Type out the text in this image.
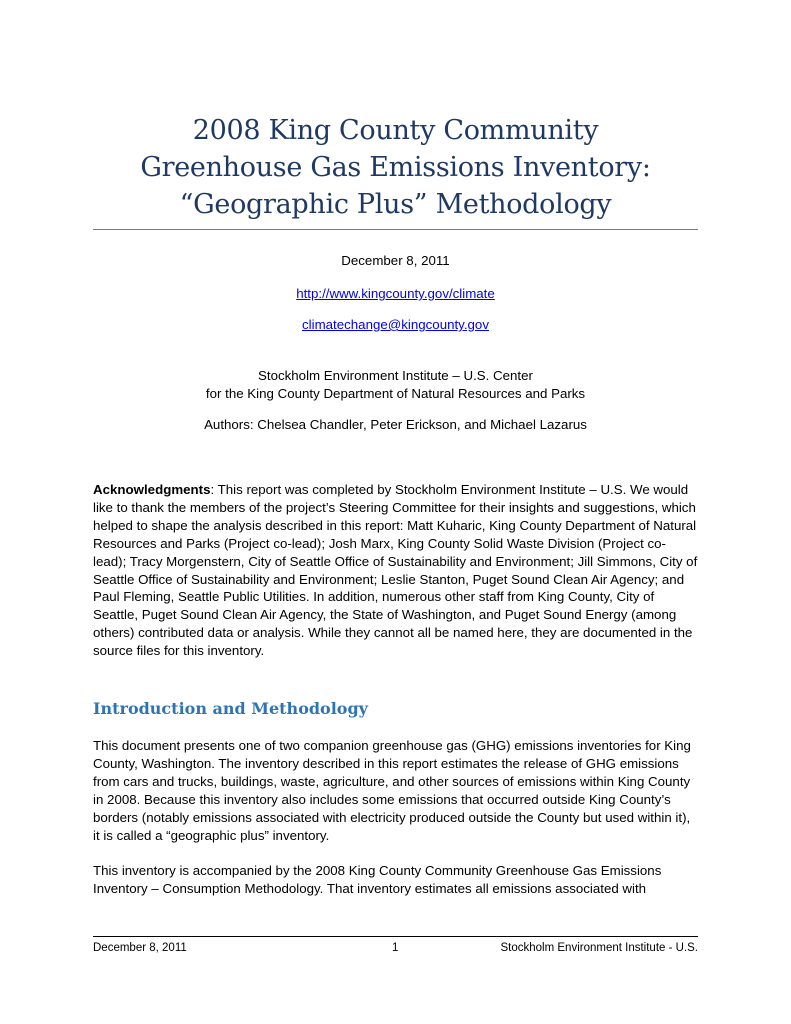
2008 King County Community
Greenhouse Gas Emissions Inventory:
“Geographic Plus” Methodology
December 8, 2011
http://www.kingcounty.gov/climate
climatechange@kingcounty.gov
Stockholm Environment Institute – U.S. Center
for the King County Department of Natural Resources and Parks
Authors: Chelsea Chandler, Peter Erickson, and Michael Lazarus
Acknowledgments: This report was completed by Stockholm Environment Institute – U.S. We would like to thank the members of the project’s Steering Committee for their insights and suggestions, which helped to shape the analysis described in this report: Matt Kuharic, King County Department of Natural Resources and Parks (Project co-lead); Josh Marx, King County Solid Waste Division (Project co-lead); Tracy Morgenstern, City of Seattle Office of Sustainability and Environment; Jill Simmons, City of Seattle Office of Sustainability and Environment; Leslie Stanton, Puget Sound Clean Air Agency; and Paul Fleming, Seattle Public Utilities. In addition, numerous other staff from King County, City of Seattle, Puget Sound Clean Air Agency, the State of Washington, and Puget Sound Energy (among others) contributed data or analysis. While they cannot all be named here, they are documented in the source files for this inventory.
Introduction and Methodology
This document presents one of two companion greenhouse gas (GHG) emissions inventories for King County, Washington. The inventory described in this report estimates the release of GHG emissions from cars and trucks, buildings, waste, agriculture, and other sources of emissions within King County in 2008. Because this inventory also includes some emissions that occurred outside King County’s borders (notably emissions associated with electricity produced outside the County but used within it), it is called a “geographic plus” inventory.
This inventory is accompanied by the 2008 King County Community Greenhouse Gas Emissions Inventory – Consumption Methodology. That inventory estimates all emissions associated with
December 8, 2011	1	Stockholm Environment Institute - U.S.
